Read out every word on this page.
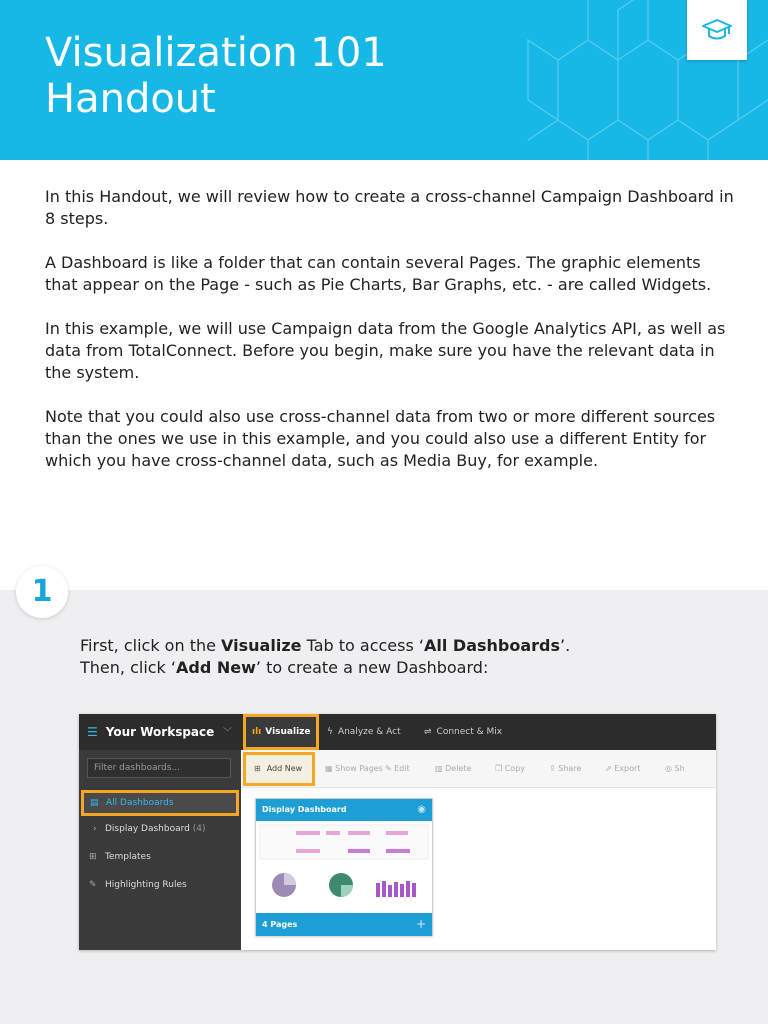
Visualization 101
Handout

In this Handout, we will review how to create a cross-channel Campaign Dashboard in 8 steps.

A Dashboard is like a folder that can contain several Pages. The graphic elements that appear on the Page - such as Pie Charts, Bar Graphs, etc. - are called Widgets.

In this example, we will use Campaign data from the Google Analytics API, as well as data from TotalConnect. Before you begin, make sure you have the relevant data in the system.

Note that you could also use cross-channel data from two or more different sources than the ones we use in this example, and you could also use a different Entity for which you have cross-channel data, such as Media Buy, for example.

1
First, click on the Visualize Tab to access ‘All Dashboards’.
Then, click ‘Add New’ to create a new Dashboard:
☰ Your Workspace ﹀	ılı Visualize	ϟ Analyze & Act	⇌ Connect & Mix
Filter dashboards...
▤ All Dashboards
› Display Dashboard (4)
⊞ Templates
✎ Highlighting Rules
⊞ Add New	▦ Show Pages ✎ Edit	▥ Delete	❐ Copy	⇪ Share	⇗ Export	◎ Sh
Display Dashboard	◉
4 Pages	+
